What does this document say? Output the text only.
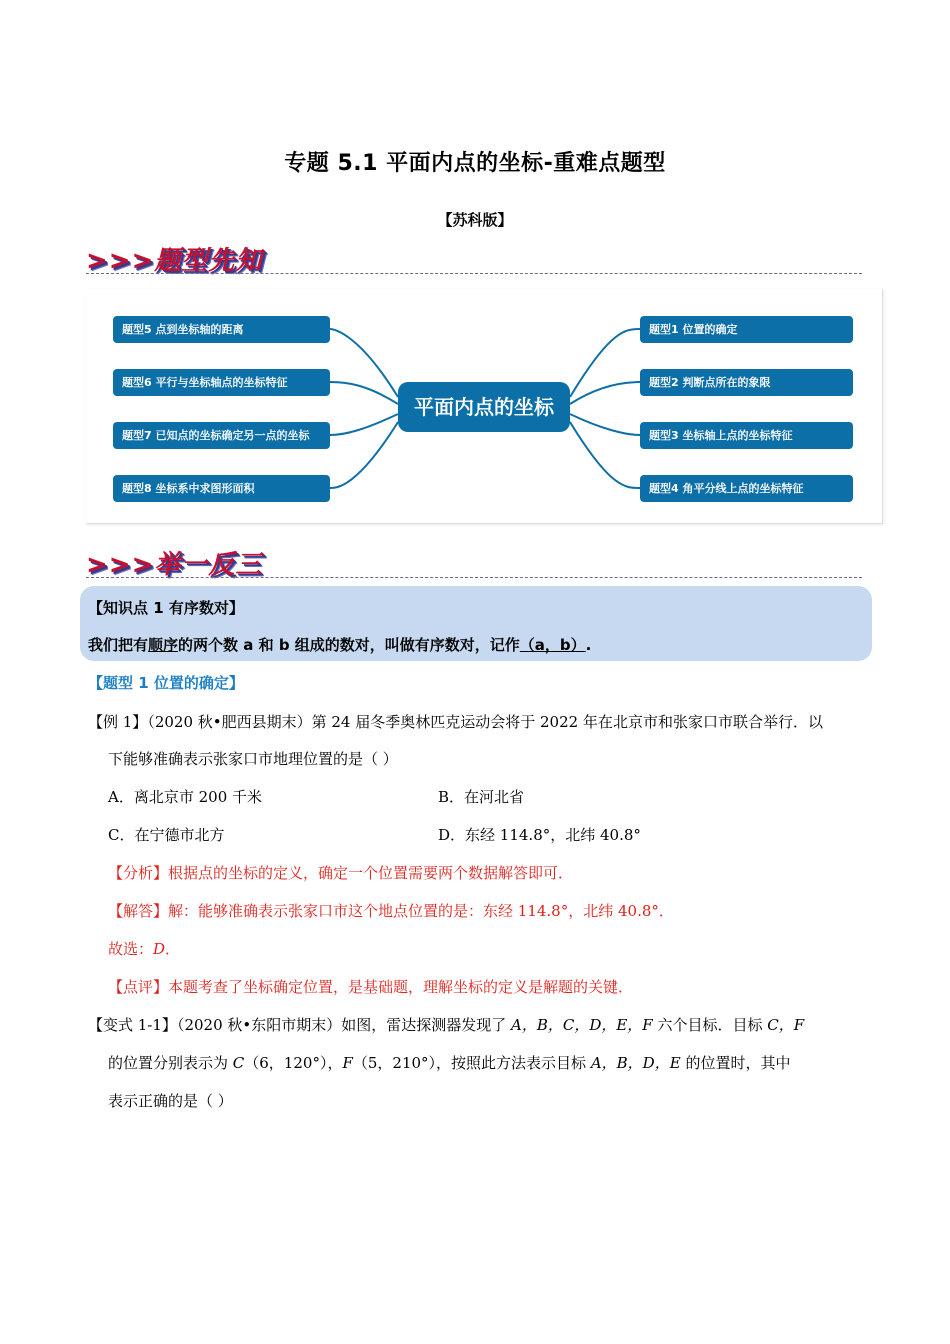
专题 5.1 平面内点的坐标-重难点题型
【苏科版】
>>>题型先知
题型5 点到坐标轴的距离
题型6 平行与坐标轴点的坐标特征
题型7 已知点的坐标确定另一点的坐标
题型8 坐标系中求图形面积
平面内点的坐标
题型1 位置的确定
题型2 判断点所在的象限
题型3 坐标轴上点的坐标特征
题型4 角平分线上点的坐标特征
>>>举一反三
【知识点 1 有序数对】
我们把有顺序的两个数 a 和 b 组成的数对，叫做有序数对，记作（a，b）.
【题型 1 位置的确定】
【例 1】（2020 秋•肥西县期末）第 24 届冬季奥林匹克运动会将于 2022 年在北京市和张家口市联合举行．以
下能够准确表示张家口市地理位置的是（ ）
A．离北京市 200 千米	B．在河北省
C．在宁德市北方	D．东经 114.8°，北纬 40.8°
【分析】根据点的坐标的定义，确定一个位置需要两个数据解答即可．
【解答】解：能够准确表示张家口市这个地点位置的是：东经 114.8°，北纬 40.8°．
故选：D．
【点评】本题考查了坐标确定位置，是基础题，理解坐标的定义是解题的关键．
【变式 1-1】（2020 秋•东阳市期末）如图，雷达探测器发现了 A，B，C，D，E，F 六个目标．目标 C，F
的位置分别表示为 C（6，120°），F（5，210°），按照此方法表示目标 A，B，D，E 的位置时，其中
表示正确的是（ ）
